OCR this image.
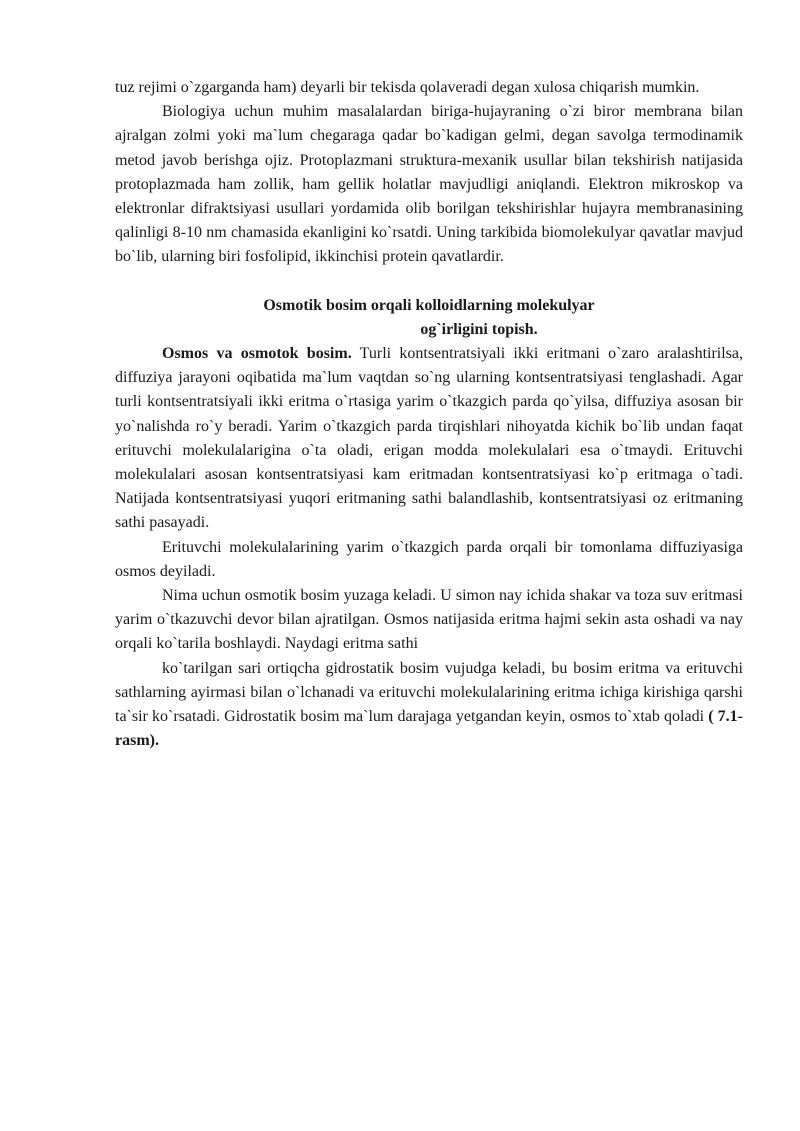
tuz rejimi o`zgarganda ham) deyarli bir tekisda qolaveradi degan xulosa chiqarish mumkin.

Biologiya uchun muhim masalalardan biriga-hujayraning o`zi biror membrana bilan ajralgan zolmi yoki ma`lum chegaraga qadar bo`kadigan gelmi, degan savolga termodinamik metod javob berishga ojiz. Protoplazmani struktura-mexanik usullar bilan tekshirish natijasida protoplazmada ham zollik, ham gellik holatlar mavjudligi aniqlandi. Elektron mikroskop va elektronlar difraktsiyasi usullari yordamida olib borilgan tekshirishlar hujayra membranasining qalinligi 8-10 nm chamasida ekanligini ko`rsatdi. Uning tarkibida biomolekulyar qavatlar mavjud bo`lib, ularning biri fosfolipid, ikkinchisi protein qavatlardir.

Osmotik bosim orqali kolloidlarning molekulyar
og`irligini topish.

Osmos va osmotok bosim. Turli kontsentratsiyali ikki eritmani o`zaro aralashtirilsa, diffuziya jarayoni oqibatida ma`lum vaqtdan so`ng ularning kontsentratsiyasi tenglashadi. Agar turli kontsentratsiyali ikki eritma o`rtasiga yarim o`tkazgich parda qo`yilsa, diffuziya asosan bir yo`nalishda ro`y beradi. Yarim o`tkazgich parda tirqishlari nihoyatda kichik bo`lib undan faqat erituvchi molekulalarigina o`ta oladi, erigan modda molekulalari esa o`tmaydi. Erituvchi molekulalari asosan kontsentratsiyasi kam eritmadan kontsentratsiyasi ko`p eritmaga o`tadi. Natijada kontsentratsiyasi yuqori eritmaning sathi balandlashib, kontsentratsiyasi oz eritmaning sathi pasayadi.

Erituvchi molekulalarining yarim o`tkazgich parda orqali bir tomonlama diffuziyasiga osmos deyiladi.

Nima uchun osmotik bosim yuzaga keladi. U simon nay ichida shakar va toza suv eritmasi yarim o`tkazuvchi devor bilan ajratilgan. Osmos natijasida eritma hajmi sekin asta oshadi va nay orqali ko`tarila boshlaydi. Naydagi eritma sathi

ko`tarilgan sari ortiqcha gidrostatik bosim vujudga keladi, bu bosim eritma va erituvchi sathlarning ayirmasi bilan o`lchanadi va erituvchi molekulalarining eritma ichiga kirishiga qarshi ta`sir ko`rsatadi. Gidrostatik bosim ma`lum darajaga yetgandan keyin, osmos to`xtab qoladi ( 7.1-rasm).
